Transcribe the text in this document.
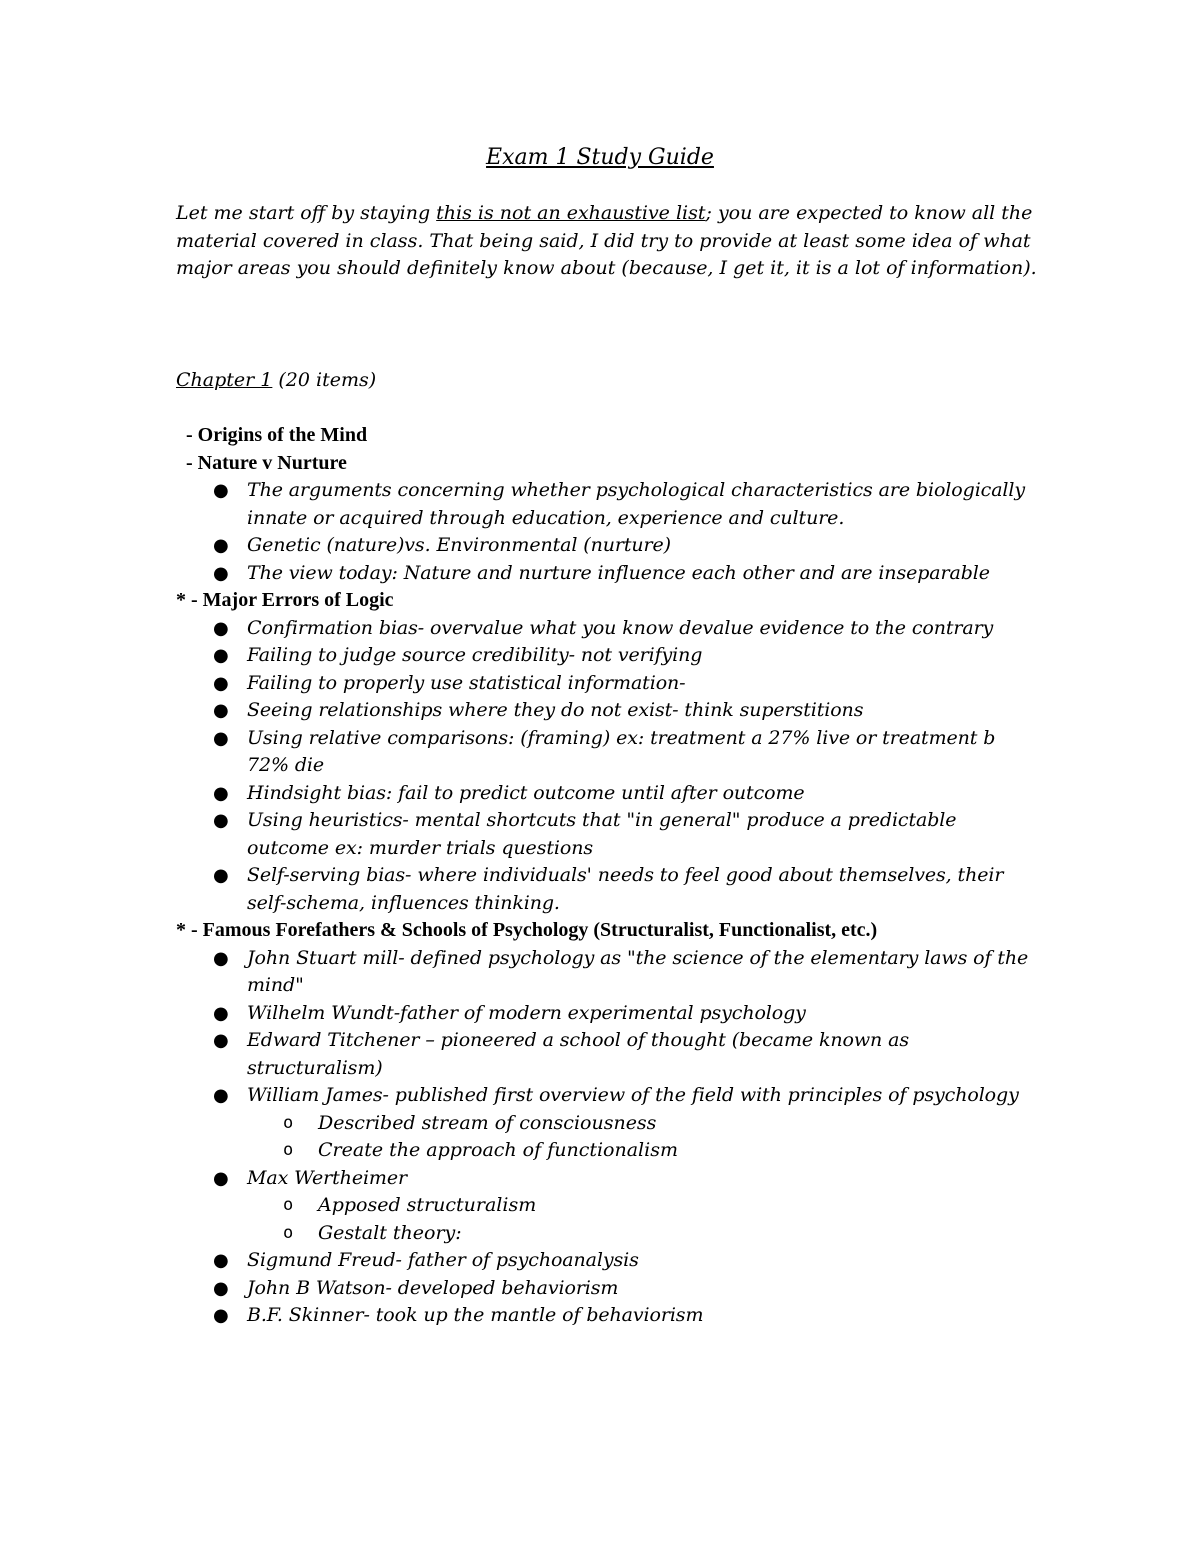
Exam 1 Study Guide
Let me start off by staying this is not an exhaustive list; you are expected to know all the material covered in class. That being said, I did try to provide at least some idea of what major areas you should definitely know about (because, I get it, it is a lot of information).
Chapter 1 (20 items)
- Origins of the Mind
- Nature v Nurture
● The arguments concerning whether psychological characteristics are biologically innate or acquired through education, experience and culture.
● Genetic (nature)vs. Environmental (nurture)
● The view today: Nature and nurture influence each other and are inseparable
* - Major Errors of Logic
● Confirmation bias- overvalue what you know devalue evidence to the contrary
● Failing to judge source credibility- not verifying
● Failing to properly use statistical information-
● Seeing relationships where they do not exist- think superstitions
● Using relative comparisons: (framing) ex: treatment a 27% live or treatment b 72% die
● Hindsight bias: fail to predict outcome until after outcome
● Using heuristics- mental shortcuts that "in general" produce a predictable outcome ex: murder trials questions
● Self-serving bias- where individuals' needs to feel good about themselves, their self-schema, influences thinking.
* - Famous Forefathers & Schools of Psychology (Structuralist, Functionalist, etc.)
● John Stuart mill- defined psychology as "the science of the elementary laws of the mind"
● Wilhelm Wundt-father of modern experimental psychology
● Edward Titchener – pioneered a school of thought (became known as structuralism)
● William James- published first overview of the field with principles of psychology
o Described stream of consciousness
o Create the approach of functionalism
● Max Wertheimer
o Apposed structuralism
o Gestalt theory:
● Sigmund Freud- father of psychoanalysis
● John B Watson- developed behaviorism
● B.F. Skinner- took up the mantle of behaviorism
